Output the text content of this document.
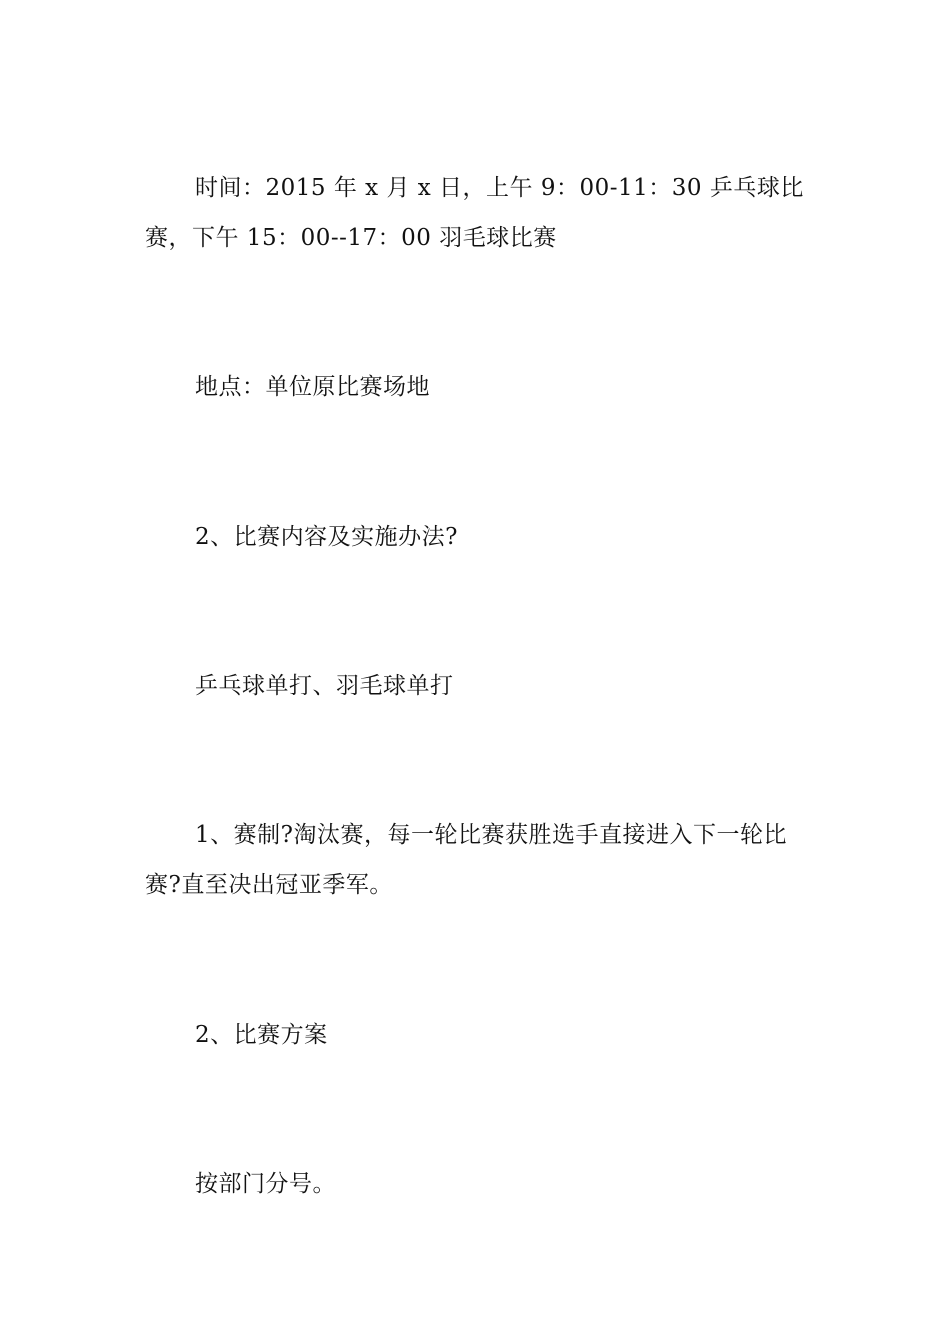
时间：2015 年 x 月 x 日，上午 9：00-11：30 乒乓球比赛，下午 15：00--17：00 羽毛球比赛

地点：单位原比赛场地

2、比赛内容及实施办法?

乒乓球单打、羽毛球单打

1、赛制?淘汰赛，每一轮比赛获胜选手直接进入下一轮比赛?直至决出冠亚季军。

2、比赛方案

按部门分号。
